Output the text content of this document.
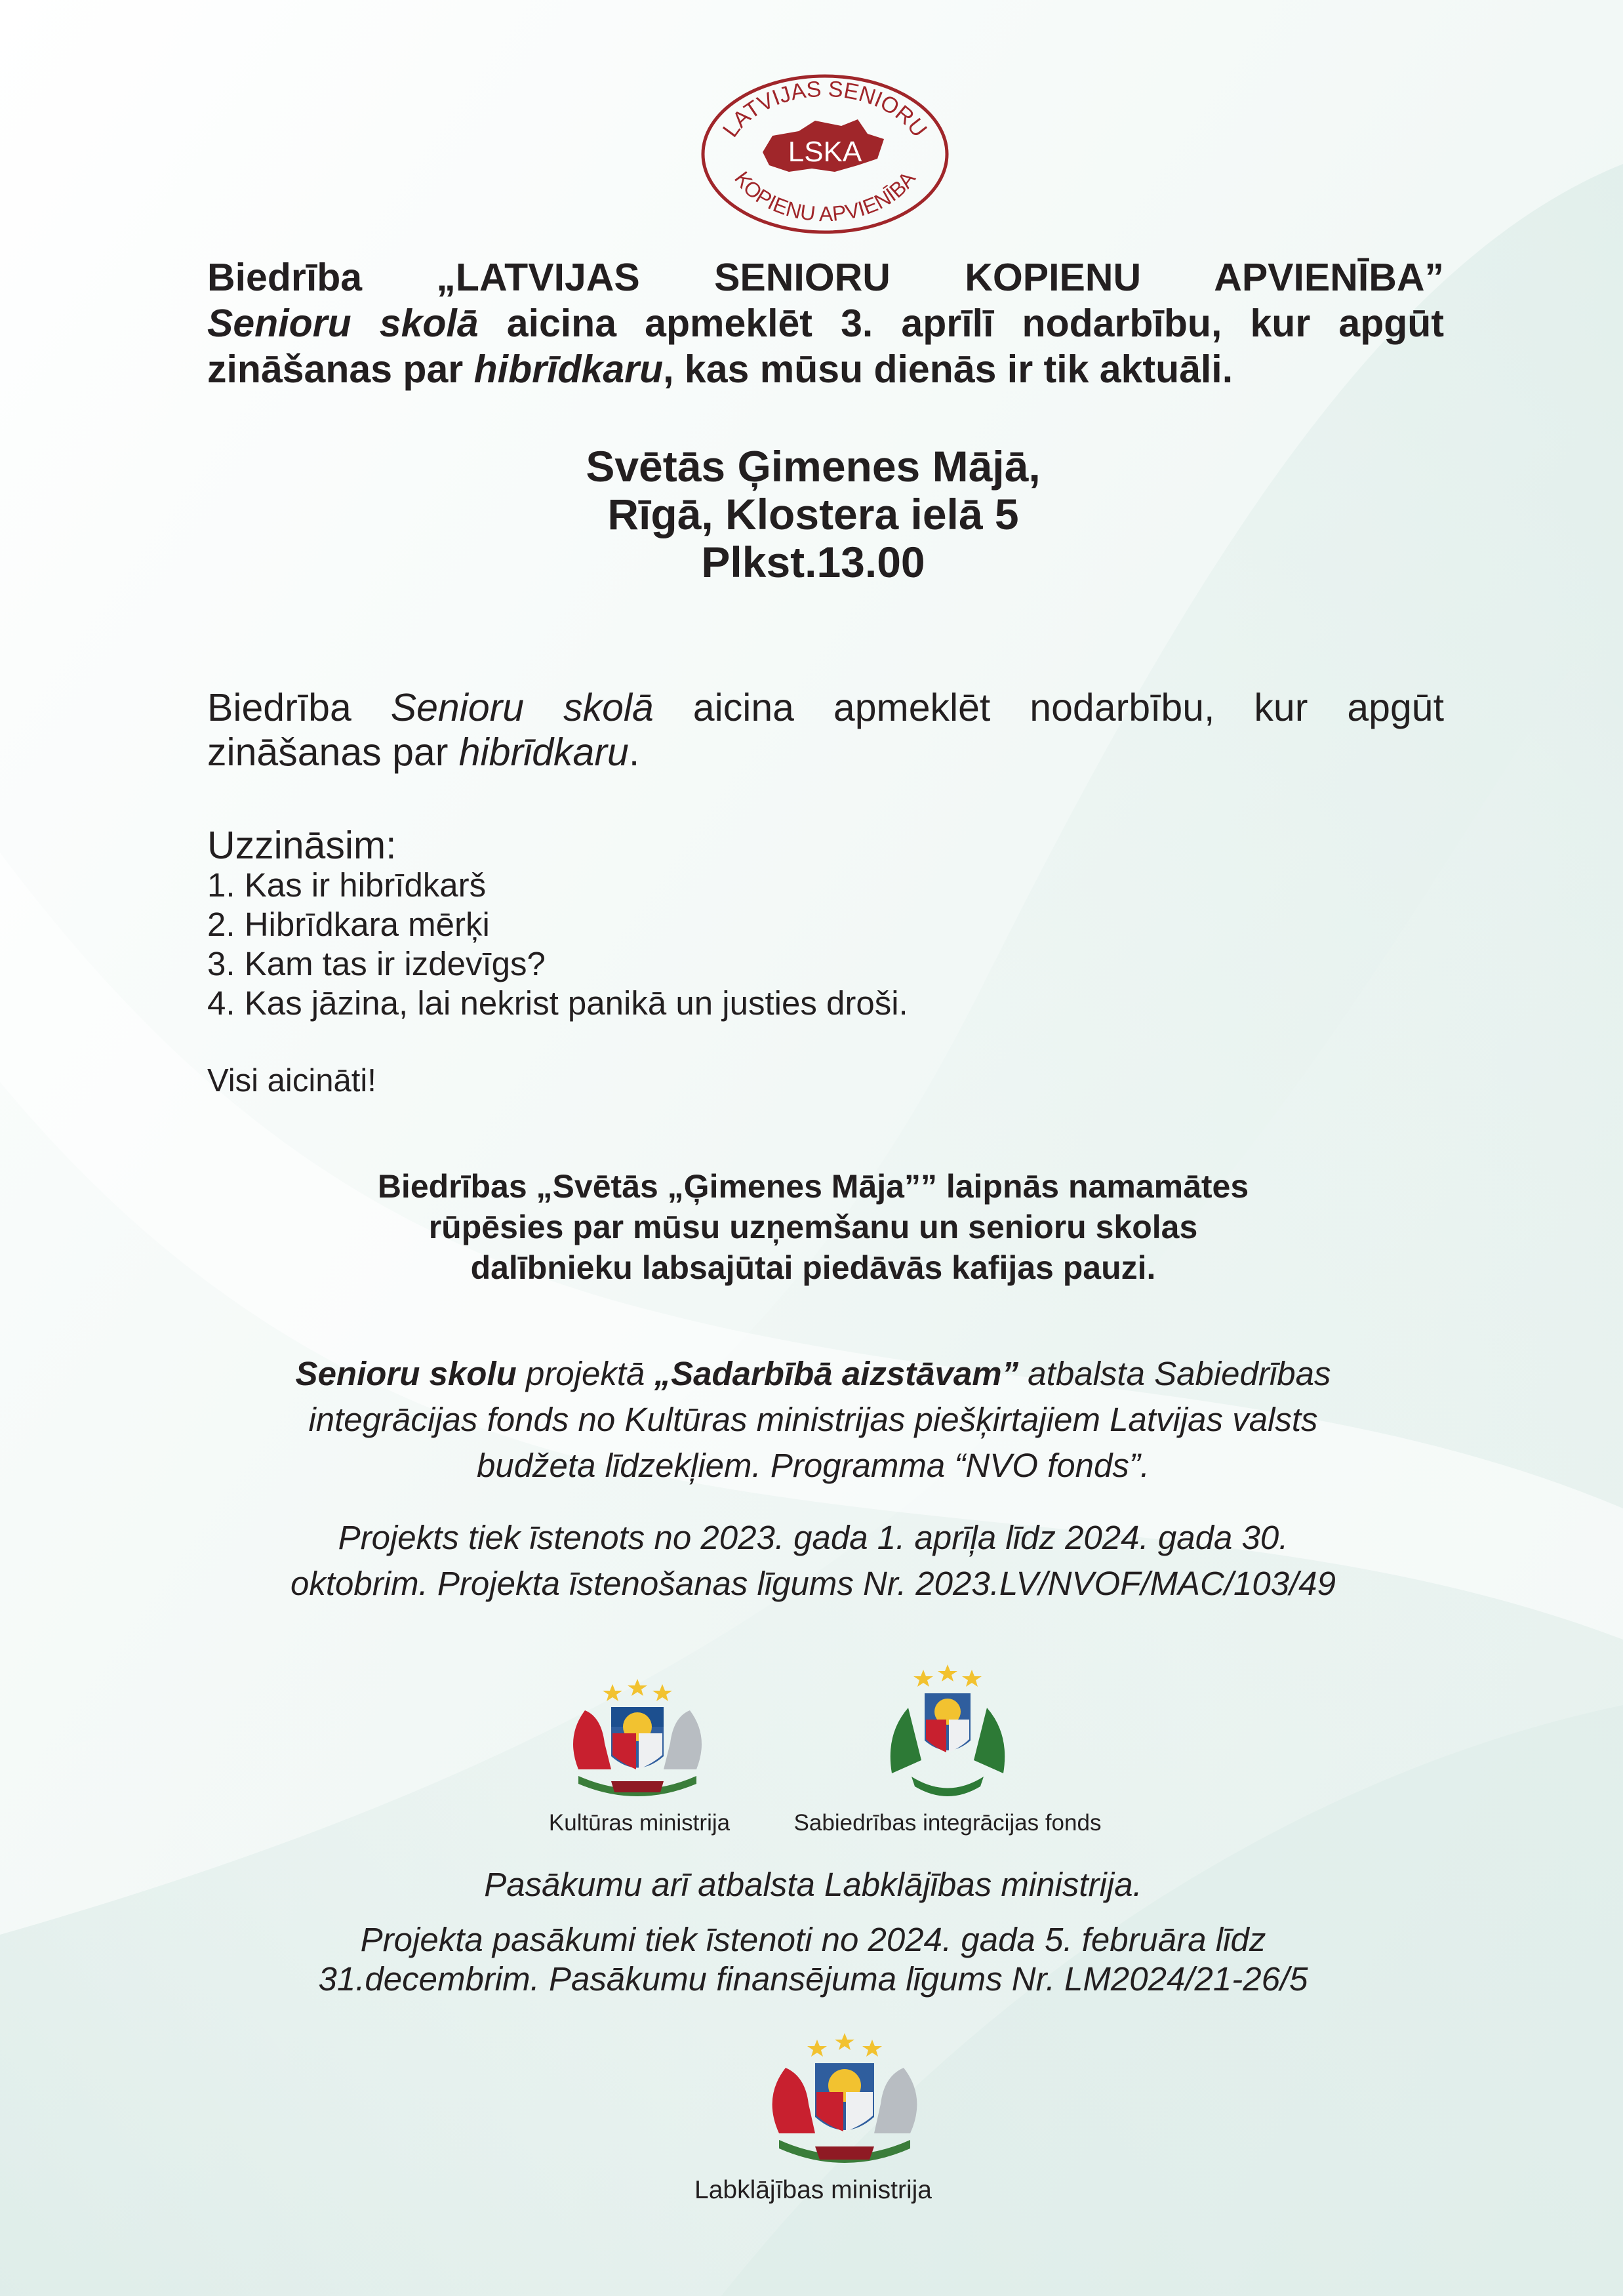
LATVIJAS SENIORU
KOPIENU APVIENĪBA
LSKA
Biedrība „LATVIJAS SENIORU KOPIENU APVIENĪBA”
Senioru skolā aicina apmeklēt 3. aprīlī nodarbību, kur apgūt
zināšanas par hibrīdkaru, kas mūsu dienās ir tik aktuāli.
Svētās Ģimenes Mājā,
Rīgā, Klostera ielā 5
Plkst.13.00
Biedrība Senioru skolā aicina apmeklēt nodarbību, kur apgūt
zināšanas par hibrīdkaru.
Uzzināsim:
1. Kas ir hibrīdkarš
2. Hibrīdkara mērķi
3. Kam tas ir izdevīgs?
4. Kas jāzina, lai nekrist panikā un justies droši.
Visi aicināti!
Biedrības „Svētās „Ģimenes Māja”” laipnās namamātes
rūpēsies par mūsu uzņemšanu un senioru skolas
dalībnieku labsajūtai piedāvās kafijas pauzi.
Senioru skolu projektā „Sadarbībā aizstāvam” atbalsta Sabiedrības
integrācijas fonds no Kultūras ministrijas piešķirtajiem Latvijas valsts
budžeta līdzekļiem. Programma “NVO fonds”.
Projekts tiek īstenots no 2023. gada 1. aprīļa līdz 2024. gada 30.
oktobrim. Projekta īstenošanas līgums Nr. 2023.LV/NVOF/MAC/103/49
Kultūras ministrija	Sabiedrības integrācijas fonds
Pasākumu arī atbalsta Labklājības ministrija.
Projekta pasākumi tiek īstenoti no 2024. gada 5. februāra līdz
31.decembrim. Pasākumu finansējuma līgums Nr. LM2024/21-26/5
Labklājības ministrija
